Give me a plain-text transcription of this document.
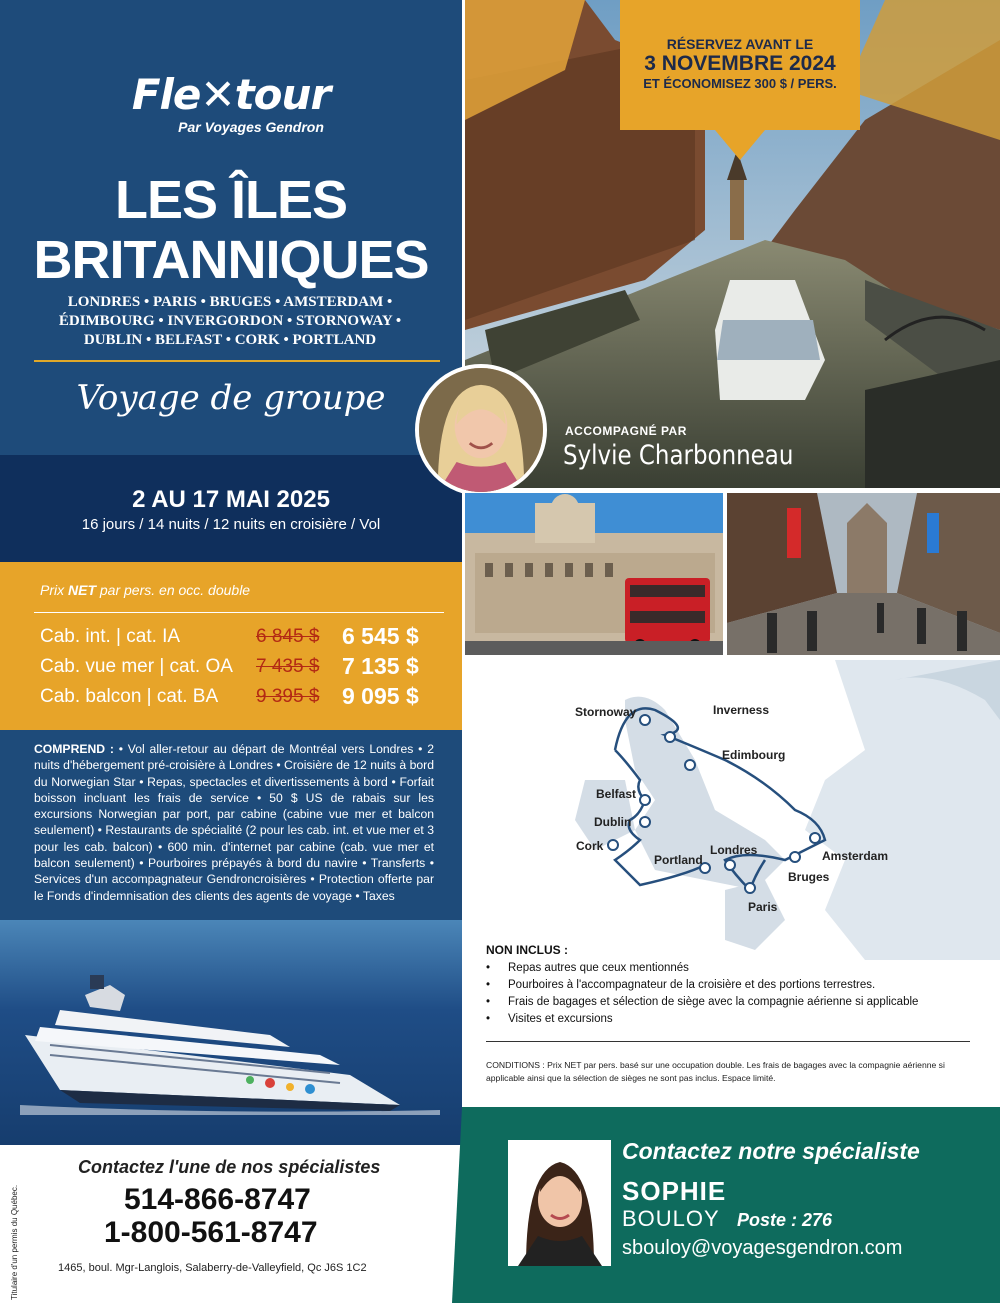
Fle✕tour
Par Voyages Gendron
LES ÎLES
BRITANNIQUES
LONDRES • PARIS • BRUGES • AMSTERDAM •
ÉDIMBOURG • INVERGORDON • STORNOWAY •
DUBLIN • BELFAST • CORK • PORTLAND
Voyage de groupe
2 AU 17 MAI 2025
16 jours / 14 nuits / 12 nuits en croisière / Vol
Prix NET par pers. en occ. double
Cab. int. | cat. IA	6 845 $ 6 545 $
Cab. vue mer | cat. OA 7 435 $ 7 135 $
Cab. balcon | cat. BA 9 395 $ 9 095 $
COMPREND : • Vol aller-retour au départ de Montréal vers Londres • 2 nuits d'hébergement pré-croisière à Londres • Croisière de 12 nuits à bord du Norwegian Star • Repas, spectacles et divertissements à bord • Forfait boisson incluant les frais de service • 50 $ US de rabais sur les excursions Norwegian par port, par cabine (cabine vue mer et balcon seulement) • Restaurants de spécialité (2 pour les cab. int. et vue mer et 3 pour les cab. balcon) • 600 min. d'internet par cabine (cab. vue mer et balcon seulement) • Pourboires prépayés à bord du navire • Transferts • Services d'un accompagnateur Gendroncroisières • Protection offerte par le Fonds d'indemnisation des clients des agents de voyage • Taxes
Titulaire d'un permis du Québec.
Contactez l'une de nos spécialistes
514-866-8747
1-800-561-8747
1465, boul. Mgr-Langlois, Salaberry-de-Valleyfield, Qc J6S 1C2
RÉSERVEZ AVANT LE
3 NOVEMBRE 2024
ET ÉCONOMISEZ 300 $ / PERS.
ACCOMPAGNÉ PAR
Sylvie Charbonneau
Stornoway	Inverness
Edimbourg
Belfast
Dublin
Cork
Portland
Londres	Amsterdam
Bruges
Paris
NON INCLUS :
• Repas autres que ceux mentionnés
• Pourboires à l'accompagnateur de la croisière et des portions terrestres.
• Frais de bagages et sélection de siège avec la compagnie aérienne si applicable
• Visites et excursions
CONDITIONS : Prix NET par pers. basé sur une occupation double. Les frais de bagages avec la compagnie aérienne si applicable ainsi que la sélection de sièges ne sont pas inclus. Espace limité.
Contactez notre spécialiste
SOPHIE
BOULOY Poste : 276
sbouloy@voyagesgendron.com
